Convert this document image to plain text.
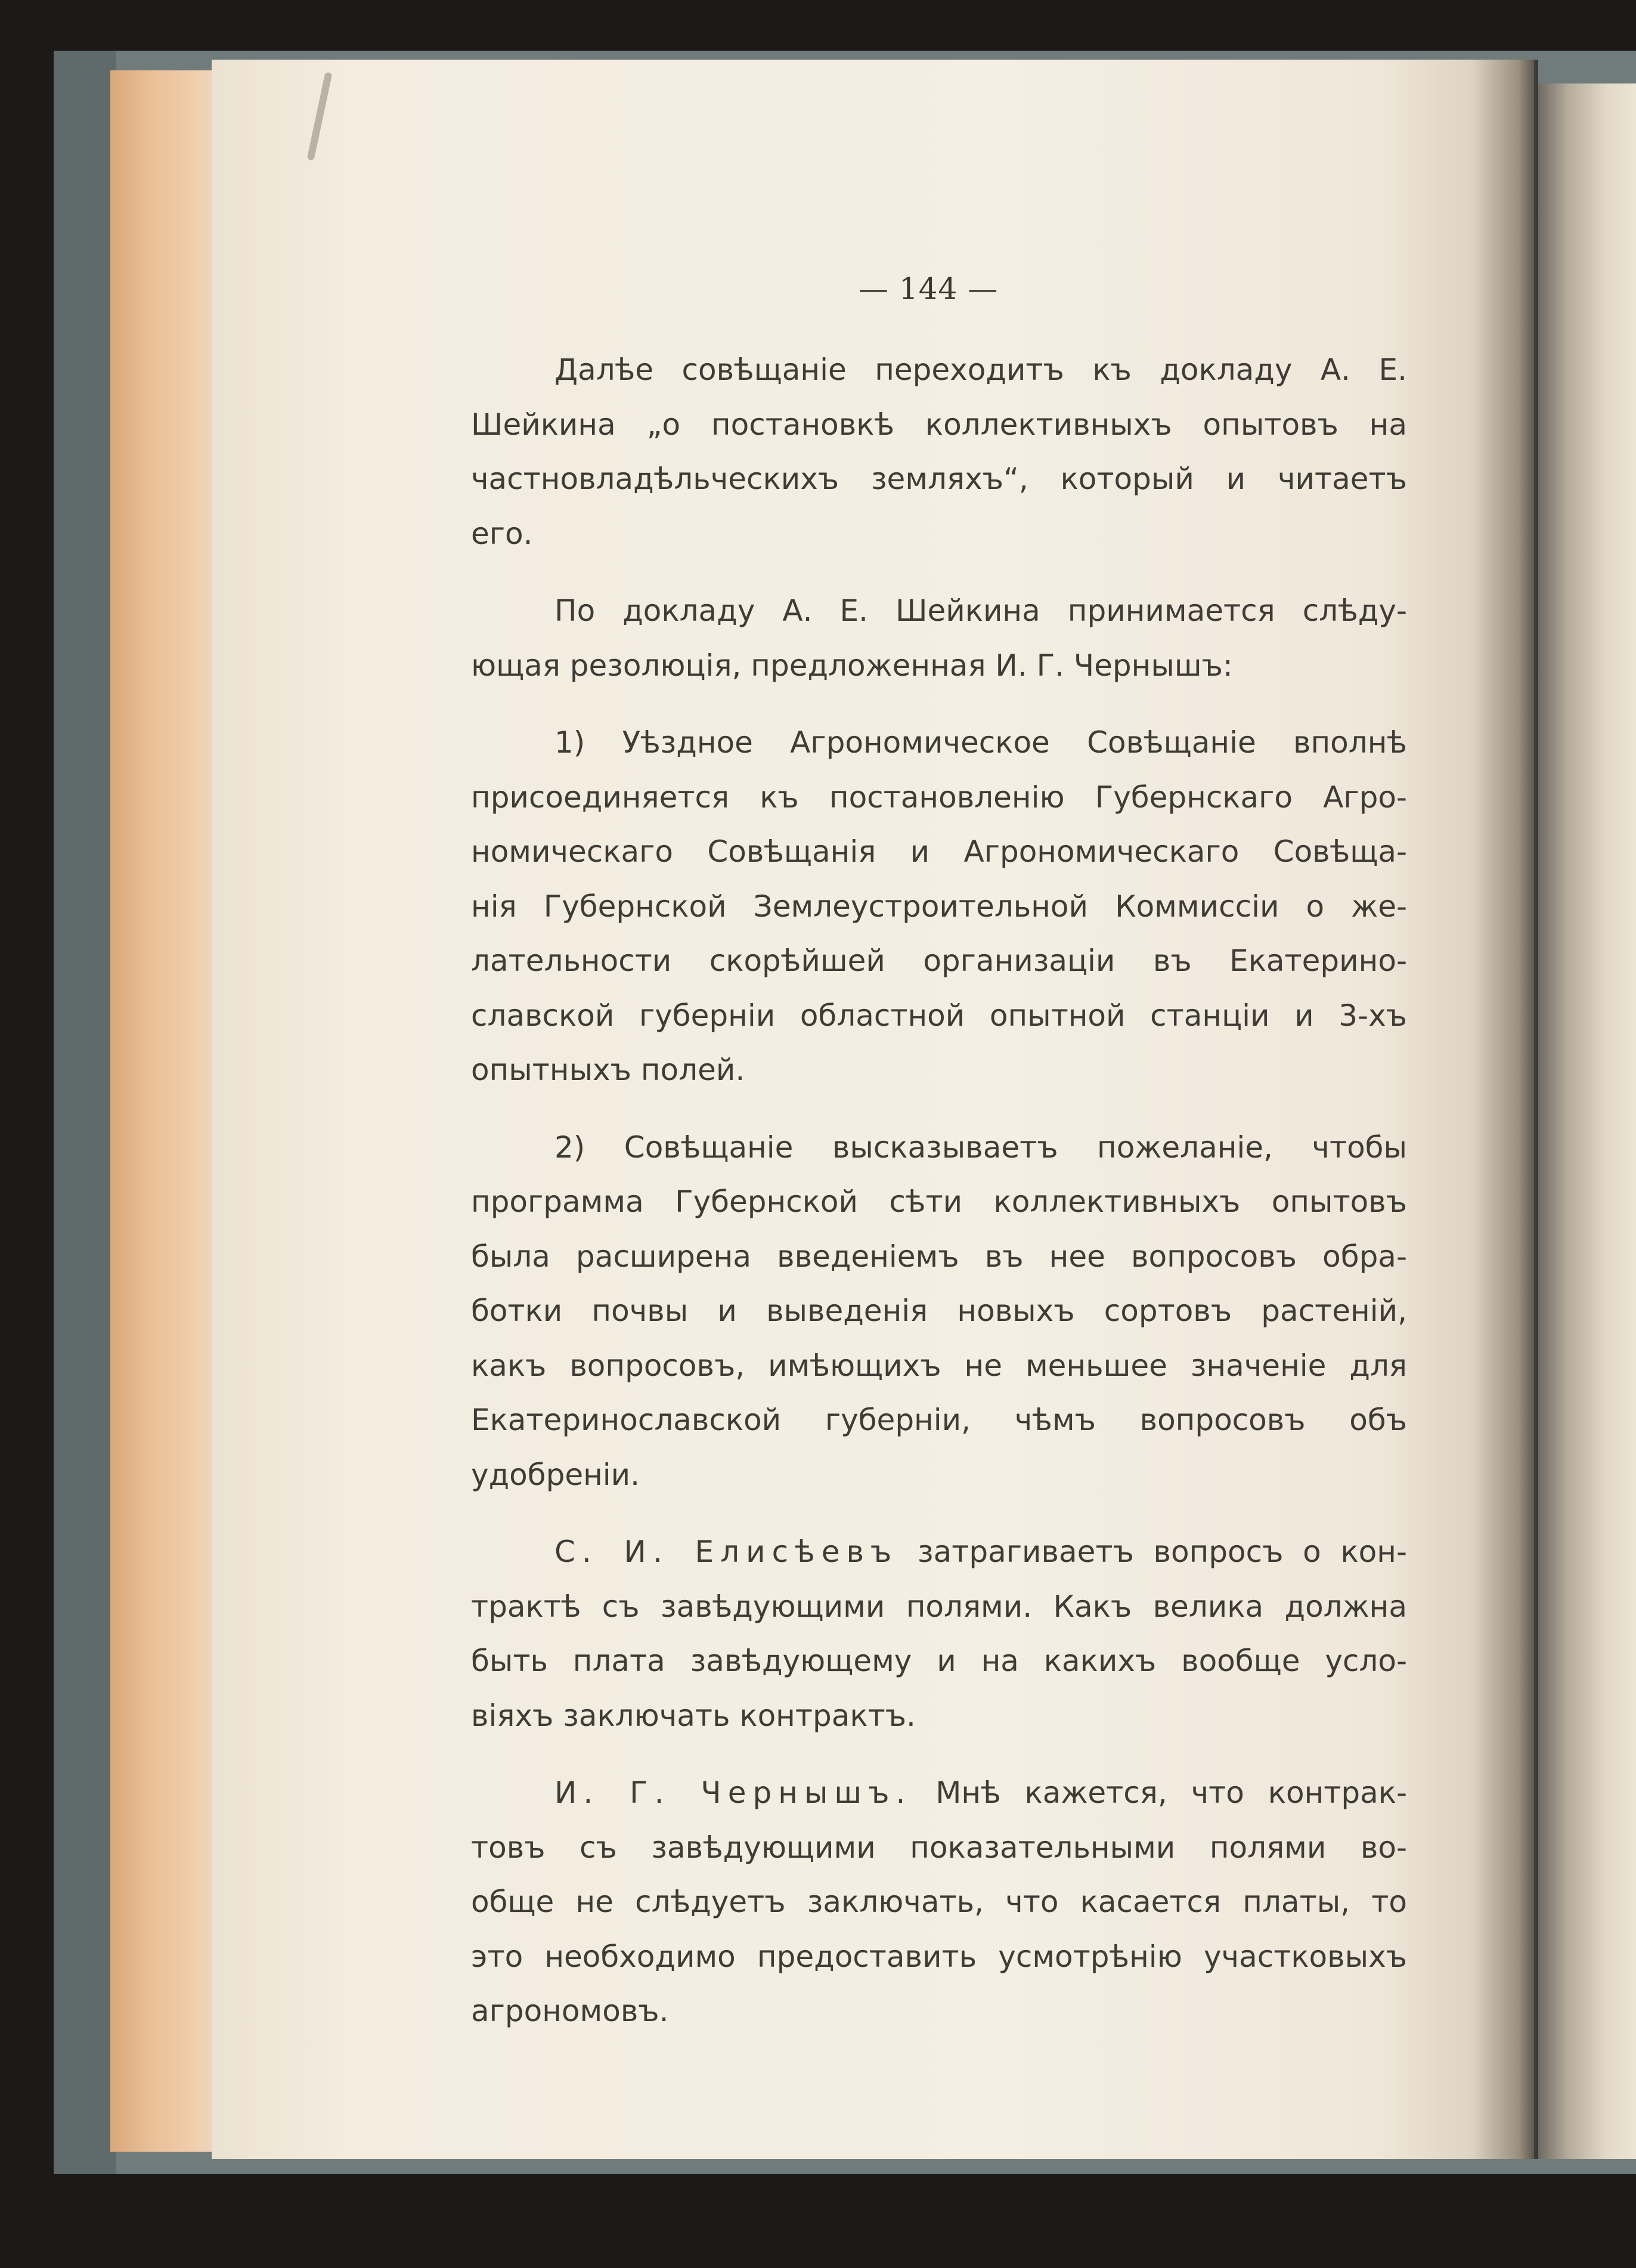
— 144 —
Далѣе совѣщаніе переходитъ къ докладу А. Е.
Шейкина „о постановкѣ коллективныхъ опытовъ на
частновладѣльческихъ земляхъ“, который и читаетъ
его.
По докладу А. Е. Шейкина принимается слѣду-
ющая резолюція, предложенная И. Г. Чернышъ:
1) Уѣздное Агрономическое Совѣщаніе вполнѣ
присоединяется къ постановленію Губернскаго Агро-
номическаго Совѣщанія и Агрономическаго Совѣща-
нія Губернской Землеустроительной Коммиссіи о же-
лательности скорѣйшей организаціи въ Екатерино-
славской губерніи областной опытной станціи и 3-хъ
опытныхъ полей.
2) Совѣщаніе высказываетъ пожеланіе, чтобы
программа Губернской сѣти коллективныхъ опытовъ
была расширена введеніемъ въ нее вопросовъ обра-
ботки почвы и выведенія новыхъ сортовъ растеній,
какъ вопросовъ, имѣющихъ не меньшее значеніе для
Екатеринославской губерніи, чѣмъ вопросовъ объ
удобреніи.
С. И. Елисѣевъ затрагиваетъ вопросъ о кон-
трактѣ съ завѣдующими полями. Какъ велика должна
быть плата завѣдующему и на какихъ вообще усло-
віяхъ заключать контрактъ.
И. Г. Чернышъ. Мнѣ кажется, что контрак-
товъ съ завѣдующими показательными полями во-
обще не слѣдуетъ заключать, что касается платы, то
это необходимо предоставить усмотрѣнію участковыхъ
агрономовъ.
